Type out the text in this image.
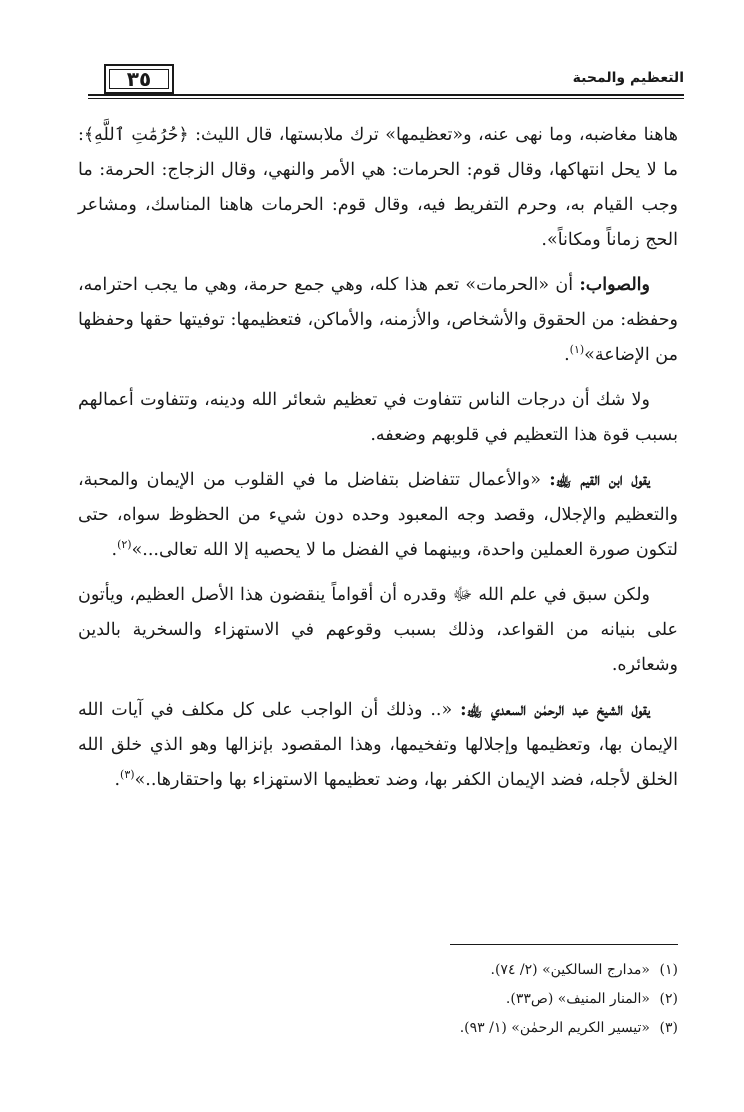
٣٥	التعظيم والمحبة

هاهنا مغاضبه، وما نهى عنه، و«تعظيمها» ترك ملابستها، قال الليث: ﴿حُرُمَٰتِ ٱللَّهِ﴾: ما لا يحل انتهاكها، وقال قوم: الحرمات: هي الأمر والنهي، وقال الزجاج: الحرمة: ما وجب القيام به، وحرم التفريط فيه، وقال قوم: الحرمات هاهنا المناسك، ومشاعر الحج زماناً ومكاناً».

والصواب: أن «الحرمات» تعم هذا كله، وهي جمع حرمة، وهي ما يجب احترامه، وحفظه: من الحقوق والأشخاص، والأزمنه، والأماكن، فتعظيمها: توفيتها حقها وحفظها من الإضاعة»$^{(١)}$.

ولا شك أن درجات الناس تتفاوت في تعظيم شعائر الله ودينه، وتتفاوت أعمالهم بسبب قوة هذا التعظيم في قلوبهم وضعفه.

يقول ابن القيم ﵀: «والأعمال تتفاضل بتفاضل ما في القلوب من الإيمان والمحبة، والتعظيم والإجلال، وقصد وجه المعبود وحده دون شيء من الحظوظ سواه، حتى لتكون صورة العملين واحدة، وبينهما في الفضل ما لا يحصيه إلا الله تعالى...»$^{(٢)}$.

ولكن سبق في علم الله ﷻ وقدره أن أقواماً ينقضون هذا الأصل العظيم، ويأتون على بنيانه من القواعد، وذلك بسبب وقوعهم في الاستهزاء والسخرية بالدين وشعائره.

يقول الشيخ عبد الرحمٰن السعدي ﵀: «.. وذلك أن الواجب على كل مكلف في آيات الله الإيمان بها، وتعظيمها وإجلالها وتفخيمها، وهذا المقصود بإنزالها وهو الذي خلق الله الخلق لأجله، فضد الإيمان الكفر بها، وضد تعظيمها الاستهزاء بها واحتقارها..»$^{(٣)}$.

(١)«مدارج السالكين» (٢/ ٧٤).
(٢)«المنار المنيف» (ص٣٣).
(٣)«تيسير الكريم الرحمٰن» (١/ ٩٣).
